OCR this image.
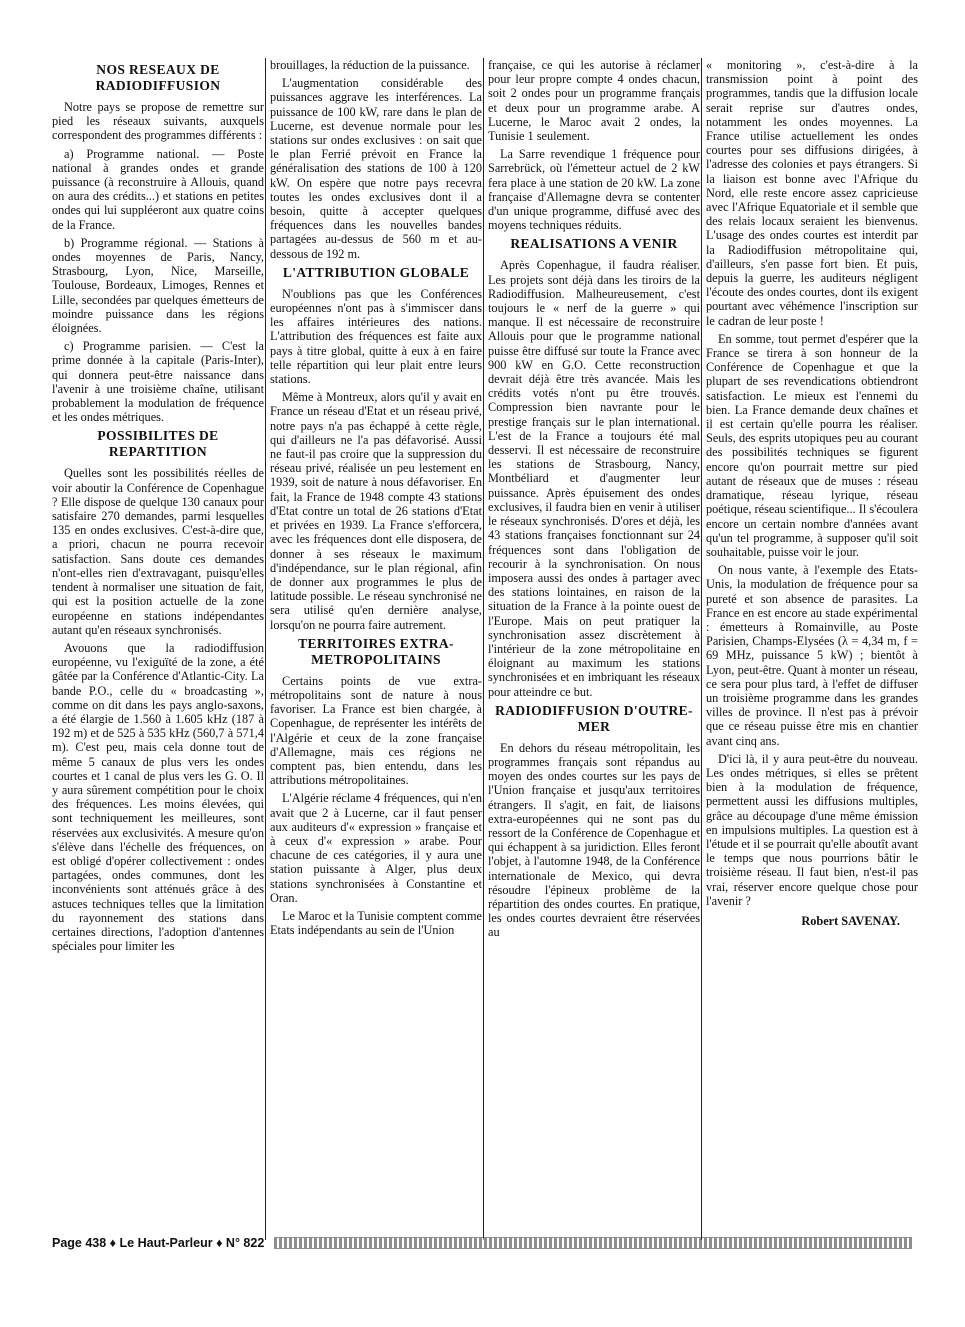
NOS RESEAUX DE RADIODIFFUSION

Notre pays se propose de remettre sur pied les réseaux suivants, auxquels correspondent des programmes différents :

a) Programme national. — Poste national à grandes ondes et grande puissance (à reconstruire à Allouis, quand on aura des crédits...) et stations en petites ondes qui lui suppléeront aux quatre coins de la France.

b) Programme régional. — Stations à ondes moyennes de Paris, Nancy, Strasbourg, Lyon, Nice, Marseille, Toulouse, Bordeaux, Limoges, Rennes et Lille, secondées par quelques émetteurs de moindre puissance dans les régions éloignées.

c) Programme parisien. — C'est la prime donnée à la capitale (Paris-Inter), qui donnera peut-être naissance dans l'avenir à une troisième chaîne, utilisant probablement la modulation de fréquence et les ondes métriques.

POSSIBILITES DE REPARTITION

Quelles sont les possibilités réelles de voir aboutir la Conférence de Copenhague ? Elle dispose de quelque 130 canaux pour satisfaire 270 demandes, parmi lesquelles 135 en ondes exclusives. C'est-à-dire que, a priori, chacun ne pourra recevoir satisfaction. Sans doute ces demandes n'ont-elles rien d'extravagant, puisqu'elles tendent à normaliser une situation de fait, qui est la position actuelle de la zone européenne en stations indépendantes autant qu'en réseaux synchronisés.

Avouons que la radiodiffusion européenne, vu l'exiguïté de la zone, a été gâtée par la Conférence d'Atlantic-City. La bande P.O., celle du « broadcasting », comme on dit dans les pays anglo-saxons, a été élargie de 1.560 à 1.605 kHz (187 à 192 m) et de 525 à 535 kHz (560,7 à 571,4 m). C'est peu, mais cela donne tout de même 5 canaux de plus vers les ondes courtes et 1 canal de plus vers les G. O. Il y aura sûrement compétition pour le choix des fréquences. Les moins élevées, qui sont techniquement les meilleures, sont réservées aux exclusivités. A mesure qu'on s'élève dans l'échelle des fréquences, on est obligé d'opérer collectivement : ondes partagées, ondes communes, dont les inconvénients sont atténués grâce à des astuces techniques telles que la limitation du rayonnement des stations dans certaines directions, l'adoption d'antennes spéciales pour limiter les

brouillages, la réduction de la puissance.

L'augmentation considérable des puissances aggrave les interférences. La puissance de 100 kW, rare dans le plan de Lucerne, est devenue normale pour les stations sur ondes exclusives : on sait que le plan Ferrié prévoit en France la généralisation des stations de 100 à 120 kW. On espère que notre pays recevra toutes les ondes exclusives dont il a besoin, quitte à accepter quelques fréquences dans les nouvelles bandes partagées au-dessus de 560 m et au-dessous de 192 m.

L'ATTRIBUTION GLOBALE

N'oublions pas que les Conférences européennes n'ont pas à s'immiscer dans les affaires intérieures des nations. L'attribution des fréquences est faite aux pays à titre global, quitte à eux à en faire telle répartition qui leur plait entre leurs stations.

Même à Montreux, alors qu'il y avait en France un réseau d'Etat et un réseau privé, notre pays n'a pas échappé à cette règle, qui d'ailleurs ne l'a pas défavorisé. Aussi ne faut-il pas croire que la suppression du réseau privé, réalisée un peu lestement en 1939, soit de nature à nous défavoriser. En fait, la France de 1948 compte 43 stations d'Etat contre un total de 26 stations d'Etat et privées en 1939. La France s'efforcera, avec les fréquences dont elle disposera, de donner à ses réseaux le maximum d'indépendance, sur le plan régional, afin de donner aux programmes le plus de latitude possible. Le réseau synchronisé ne sera utilisé qu'en dernière analyse, lorsqu'on ne pourra faire autrement.

TERRITOIRES EXTRA-METROPOLITAINS

Certains points de vue extra-métropolitains sont de nature à nous favoriser. La France est bien chargée, à Copenhague, de représenter les intérêts de l'Algérie et ceux de la zone française d'Allemagne, mais ces régions ne comptent pas, bien entendu, dans les attributions métropolitaines.

L'Algérie réclame 4 fréquences, qui n'en avait que 2 à Lucerne, car il faut penser aux auditeurs d'« expression » française et à ceux d'« expression » arabe. Pour chacune de ces catégories, il y aura une station puissante à Alger, plus deux stations synchronisées à Constantine et Oran.

Le Maroc et la Tunisie comptent comme Etats indépendants au sein de l'Union

française, ce qui les autorise à réclamer pour leur propre compte 4 ondes chacun, soit 2 ondes pour un programme français et deux pour un programme arabe. A Lucerne, le Maroc avait 2 ondes, la Tunisie 1 seulement.

La Sarre revendique 1 fréquence pour Sarrebrück, où l'émetteur actuel de 2 kW fera place à une station de 20 kW. La zone française d'Allemagne devra se contenter d'un unique programme, diffusé avec des moyens techniques réduits.

REALISATIONS A VENIR

Après Copenhague, il faudra réaliser. Les projets sont déjà dans les tiroirs de la Radiodiffusion. Malheureusement, c'est toujours le « nerf de la guerre » qui manque. Il est nécessaire de reconstruire Allouis pour que le programme national puisse être diffusé sur toute la France avec 900 kW en G.O. Cette reconstruction devrait déjà être très avancée. Mais les crédits votés n'ont pu être trouvés. Compression bien navrante pour le prestige français sur le plan international. L'est de la France a toujours été mal desservi. Il est nécessaire de reconstruire les stations de Strasbourg, Nancy, Montbéliard et d'augmenter leur puissance. Après épuisement des ondes exclusives, il faudra bien en venir à utiliser le réseaux synchronisés. D'ores et déjà, les 43 stations françaises fonctionnant sur 24 fréquences sont dans l'obligation de recourir à la synchronisation. On nous imposera aussi des ondes à partager avec des stations lointaines, en raison de la situation de la France à la pointe ouest de l'Europe. Mais on peut pratiquer la synchronisation assez discrètement à l'intérieur de la zone métropolitaine en éloignant au maximum les stations synchronisées et en imbriquant les réseaux pour atteindre ce but.

RADIODIFFUSION D'OUTRE-MER

En dehors du réseau métropolitain, les programmes français sont répandus au moyen des ondes courtes sur les pays de l'Union française et jusqu'aux territoires étrangers. Il s'agit, en fait, de liaisons extra-européennes qui ne sont pas du ressort de la Conférence de Copenhague et qui échappent à sa juridiction. Elles feront l'objet, à l'automne 1948, de la Conférence internationale de Mexico, qui devra résoudre l'épineux problème de la répartition des ondes courtes. En pratique, les ondes courtes devraient être réservées au

« monitoring », c'est-à-dire à la transmission point à point des programmes, tandis que la diffusion locale serait reprise sur d'autres ondes, notamment les ondes moyennes. La France utilise actuellement les ondes courtes pour ses diffusions dirigées, à l'adresse des colonies et pays étrangers. Si la liaison est bonne avec l'Afrique du Nord, elle reste encore assez capricieuse avec l'Afrique Equatoriale et il semble que des relais locaux seraient les bienvenus. L'usage des ondes courtes est interdit par la Radiodiffusion métropolitaine qui, d'ailleurs, s'en passe fort bien. Et puis, depuis la guerre, les auditeurs négligent l'écoute des ondes courtes, dont ils exigent pourtant avec véhémence l'inscription sur le cadran de leur poste !

En somme, tout permet d'espérer que la France se tirera à son honneur de la Conférence de Copenhague et que la plupart de ses revendications obtiendront satisfaction. Le mieux est l'ennemi du bien. La France demande deux chaînes et il est certain qu'elle pourra les réaliser. Seuls, des esprits utopiques peu au courant des possibilités techniques se figurent encore qu'on pourrait mettre sur pied autant de réseaux que de muses : réseau dramatique, réseau lyrique, réseau poétique, réseau scientifique... Il s'écoulera encore un certain nombre d'années avant qu'un tel programme, à supposer qu'il soit souhaitable, puisse voir le jour.

On nous vante, à l'exemple des Etats-Unis, la modulation de fréquence pour sa pureté et son absence de parasites. La France en est encore au stade expérimental : émetteurs à Romainville, au Poste Parisien, Champs-Elysées (λ = 4,34 m, f = 69 MHz, puissance 5 kW) ; bientôt à Lyon, peut-être. Quant à monter un réseau, ce sera pour plus tard, à l'effet de diffuser un troisième programme dans les grandes villes de province. Il n'est pas à prévoir que ce réseau puisse être mis en chantier avant cinq ans.

D'ici là, il y aura peut-être du nouveau. Les ondes métriques, si elles se prêtent bien à la modulation de fréquence, permettent aussi les diffusions multiples, grâce au découpage d'une même émission en impulsions multiples. La question est à l'étude et il se pourrait qu'elle aboutît avant le temps que nous pourrions bâtir le troisième réseau. Il faut bien, n'est-il pas vrai, réserver encore quelque chose pour l'avenir ?

Robert SAVENAY.
Page 438 ♦ Le Haut-Parleur ♦ N° 822
